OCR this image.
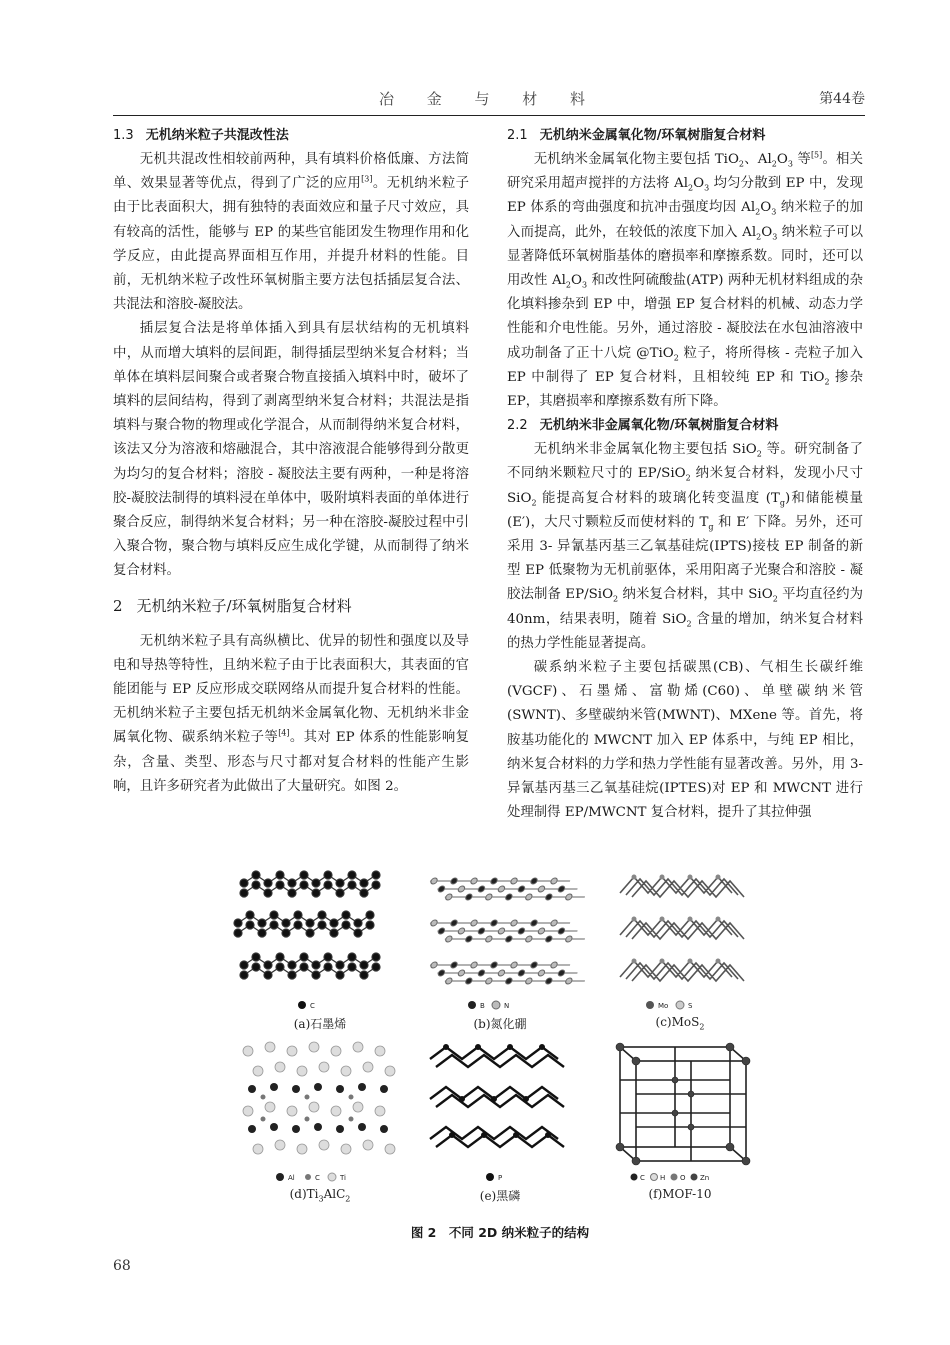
冶 金 与 材 料	第44卷
1.3 无机纳米粒子共混改性法

无机共混改性相较前两种，具有填料价格低廉、方法简单、效果显著等优点，得到了广泛的应用[3]。无机纳米粒子由于比表面积大，拥有独特的表面效应和量子尺寸效应，具有较高的活性，能够与 EP 的某些官能团发生物理作用和化学反应，由此提高界面相互作用，并提升材料的性能。目前，无机纳米粒子改性环氧树脂主要方法包括插层复合法、共混法和溶胶-凝胶法。

插层复合法是将单体插入到具有层状结构的无机填料中，从而增大填料的层间距，制得插层型纳米复合材料；当单体在填料层间聚合或者聚合物直接插入填料中时，破坏了填料的层间结构，得到了剥离型纳米复合材料；共混法是指填料与聚合物的物理或化学混合，从而制得纳米复合材料，该法又分为溶液和熔融混合，其中溶液混合能够得到分散更为均匀的复合材料；溶胶 - 凝胶法主要有两种，一种是将溶胶-凝胶法制得的填料浸在单体中，吸附填料表面的单体进行聚合反应，制得纳米复合材料；另一种在溶胶-凝胶过程中引入聚合物，聚合物与填料反应生成化学键，从而制得了纳米复合材料。

2 无机纳米粒子/环氧树脂复合材料

无机纳米粒子具有高纵横比、优异的韧性和强度以及导电和导热等特性，且纳米粒子由于比表面积大，其表面的官能团能与 EP 反应形成交联网络从而提升复合材料的性能。无机纳米粒子主要包括无机纳米金属氧化物、无机纳米非金属氧化物、碳系纳米粒子等[4]。其对 EP 体系的性能影响复杂，含量、类型、形态与尺寸都对复合材料的性能产生影响，且许多研究者为此做出了大量研究。如图 2。

2.1 无机纳米金属氧化物/环氧树脂复合材料

无机纳米金属氧化物主要包括 TiO$_2$、$Al_2O_3$ 等[5]。相关研究采用超声搅拌的方法将 $Al_2O_3$ 均匀分散到 EP 中，发现 EP 体系的弯曲强度和抗冲击强度均因 $Al_2O_3$ 纳米粒子的加入而提高，此外，在较低的浓度下加入 $Al_2O_3$ 纳米粒子可以显著降低环氧树脂基体的磨损率和摩擦系数。同时，还可以用改性 $Al_2O_3$ 和改性阿硫酸盐(ATP) 两种无机材料组成的杂化填料掺杂到 EP 中，增强 EP 复合材料的机械、动态力学性能和介电性能。另外，通过溶胶 - 凝胶法在水包油溶液中成功制备了正十八烷 @TiO$_2$ 粒子，将所得核 - 壳粒子加入 EP 中制得了 EP 复合材料，且相较纯 EP 和 TiO$_2$ 掺杂 EP，其磨损率和摩擦系数有所下降。

2.2 无机纳米非金属氧化物/环氧树脂复合材料

无机纳米非金属氧化物主要包括 SiO$_2$ 等。研究制备了不同纳米颗粒尺寸的 EP/SiO$_2$ 纳米复合材料，发现小尺寸 SiO$_2$ 能提高复合材料的玻璃化转变温度 $(T_g)$和储能模量(E′)，大尺寸颗粒反而使材料的 $T_g$ 和 E′ 下降。另外，还可采用 3- 异氰基丙基三乙氧基硅烷(IPTS)接枝 EP 制备的新型 EP 低聚物为无机前驱体，采用阳离子光聚合和溶胶 - 凝胶法制备 EP/SiO$_2$ 纳米复合材料，其中 SiO$_2$ 平均直径约为 40nm，结果表明，随着 SiO$_2$ 含量的增加，纳米复合材料的热力学性能显著提高。

碳系纳米粒子主要包括碳黑(CB)、气相生长碳纤维(VGCF)、石墨烯、富勒烯(C60)、单壁碳纳米管(SWNT)、多壁碳纳米管(MWNT)、MXene 等。首先，将胺基功能化的 MWCNT 加入 EP 体系中，与纯 EP 相比，纳米复合材料的力学和热力学性能有显著改善。另外，用 3- 异氰基丙基三乙氧基硅烷(IPTES)对 EP 和 MWCNT 进行处理制得 EP/MWCNT 复合材料，提升了其拉伸强

C
(a)石墨烯
B	N
(b)氮化硼
Mo	S
(c)MoS$_2$
Al	C	Ti
$(d)Ti_3AlC_2$
P
(e)黑磷
C H O Zn
(f)MOF-10
图 2　不同 2D 纳米粒子的结构
68
